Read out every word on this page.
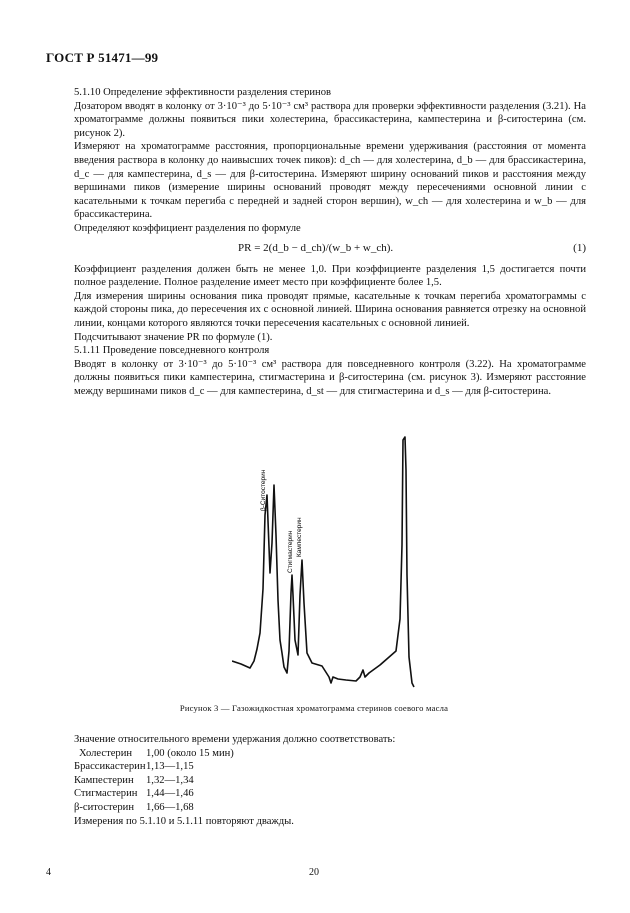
ГОСТ Р 51471—99

5.1.10 Определение эффективности разделения стеринов

Дозатором вводят в колонку от 3·10⁻³ до 5·10⁻³ см³ раствора для проверки эффективности разделения (3.21). На хроматограмме должны появиться пики холестерина, брассикастерина, кампестерина и β-ситостерина (см. рисунок 2).

Измеряют на хроматограмме расстояния, пропорциональные времени удерживания (расстояния от момента введения раствора в колонку до наивысших точек пиков): d_ch — для холестерина, d_b — для брассикастерина, d_c — для кампестерина, d_s — для β-ситостерина. Измеряют ширину оснований пиков и расстояния между вершинами пиков (измерение ширины оснований проводят между пересечениями основной линии с касательными к точкам перегиба с передней и задней сторон вершин), w_ch — для холестерина и w_b — для брассикастерина.

Определяют коэффициент разделения по формуле

PR = 2(d_b − d_ch)/(w_b + w_ch).	(1)

Коэффициент разделения должен быть не менее 1,0. При коэффициенте разделения 1,5 достигается почти полное разделение. Полное разделение имеет место при коэффициенте более 1,5.

Для измерения ширины основания пика проводят прямые, касательные к точкам перегиба хроматограммы с каждой стороны пика, до пересечения их с основной линией. Ширина основания равняется отрезку на основной линии, концами которого являются точки пересечения касательных с основной линией.

Подсчитывают значение PR по формуле (1).

5.1.11 Проведение повседневного контроля

Вводят в колонку от 3·10⁻³ до 5·10⁻³ см³ раствора для повседневного контроля (3.22). На хроматограмме должны появиться пики кампестерина, стигмастерина и β-ситостерина (см. рисунок 3). Измеряют расстояние между вершинами пиков d_c — для кампестерина, d_st — для стигмастерина и d_s — для β-ситостерина.

β-Ситостерин
Стигмастерин Кампестерин
Рисунок 3 — Газожидкостная хроматограмма стеринов соевого масла
Значение относительного времени удержания должно соответствовать:
Холестерин	1,00 (около 15 мин)
Брассикастерин 1,13—1,15
Кампестерин	1,32—1,34
Стигмастерин 1,44—1,46
β-ситостерин	1,66—1,68
Измерения по 5.1.10 и 5.1.11 повторяют дважды.
4	20
